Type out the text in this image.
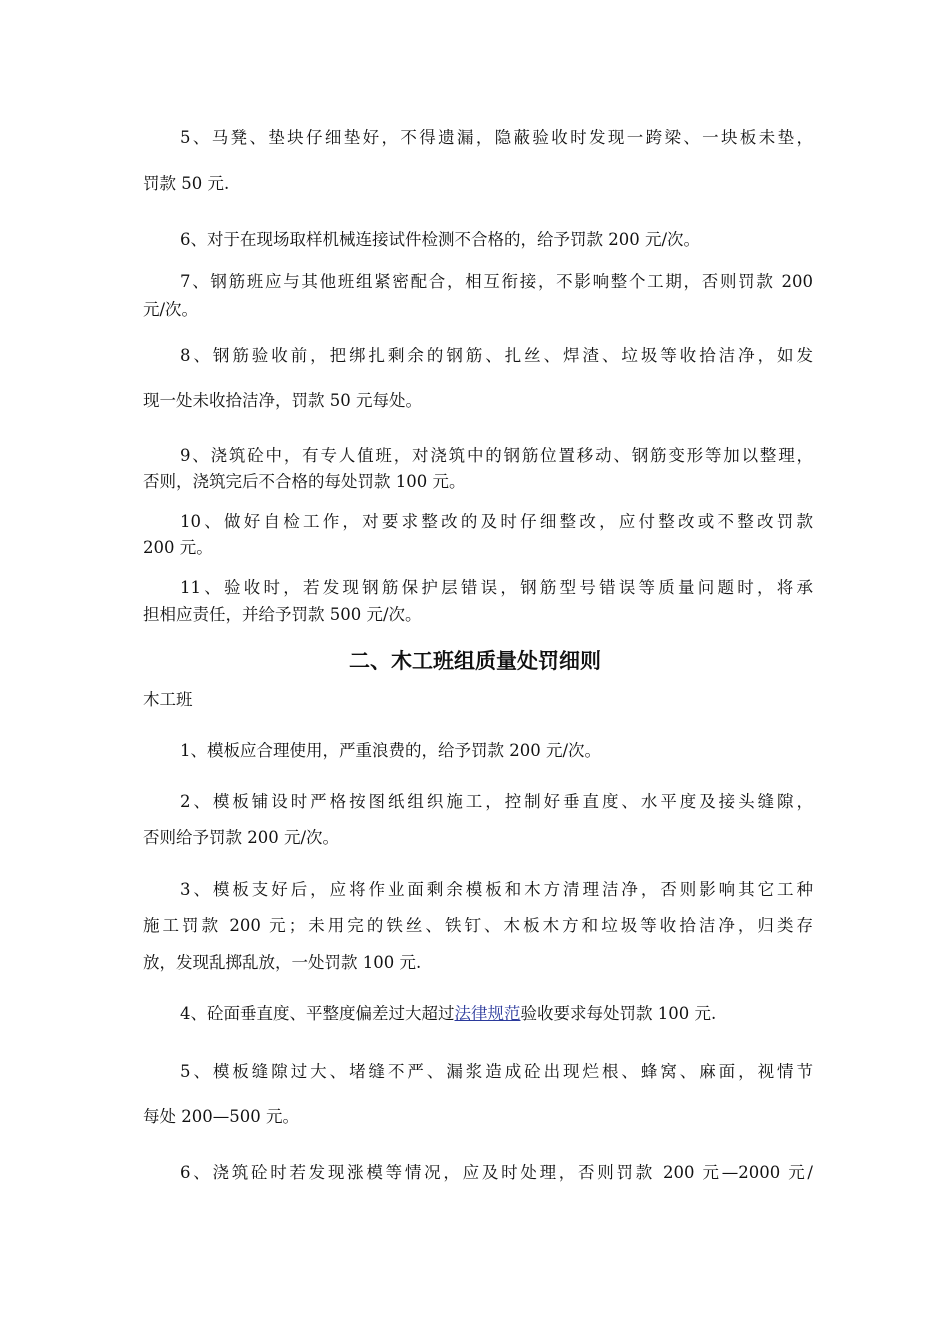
5、马凳、垫块仔细垫好，不得遗漏，隐蔽验收时发现一跨梁、一块板未垫，
罚款 50 元.
6、对于在现场取样机械连接试件检测不合格的，给予罚款 200 元/次。
7、钢筋班应与其他班组紧密配合，相互衔接，不影响整个工期，否则罚款 200
元/次。
8、钢筋验收前，把绑扎剩余的钢筋、扎丝、焊渣、垃圾等收拾洁净，如发
现一处未收拾洁净，罚款 50 元每处。
9、浇筑砼中，有专人值班，对浇筑中的钢筋位置移动、钢筋变形等加以整理，
否则，浇筑完后不合格的每处罚款 100 元。
10、做好自检工作，对要求整改的及时仔细整改，应付整改或不整改罚款
200 元。
11、验收时，若发现钢筋保护层错误，钢筋型号错误等质量问题时，将承
担相应责任，并给予罚款 500 元/次。
二、木工班组质量处罚细则
木工班
1、模板应合理使用，严重浪费的，给予罚款 200 元/次。
2、模板铺设时严格按图纸组织施工，控制好垂直度、水平度及接头缝隙，
否则给予罚款 200 元/次。
3、模板支好后，应将作业面剩余模板和木方清理洁净，否则影响其它工种
施工罚款 200 元；未用完的铁丝、铁钉、木板木方和垃圾等收拾洁净，归类存
放，发现乱掷乱放，一处罚款 100 元.
4、砼面垂直度、平整度偏差过大超过法律规范验收要求每处罚款 100 元.
5、模板缝隙过大、堵缝不严、漏浆造成砼出现烂根、蜂窝、麻面，视情节
每处 200—500 元。
6、浇筑砼时若发现涨模等情况，应及时处理，否则罚款 200 元—2000 元/
